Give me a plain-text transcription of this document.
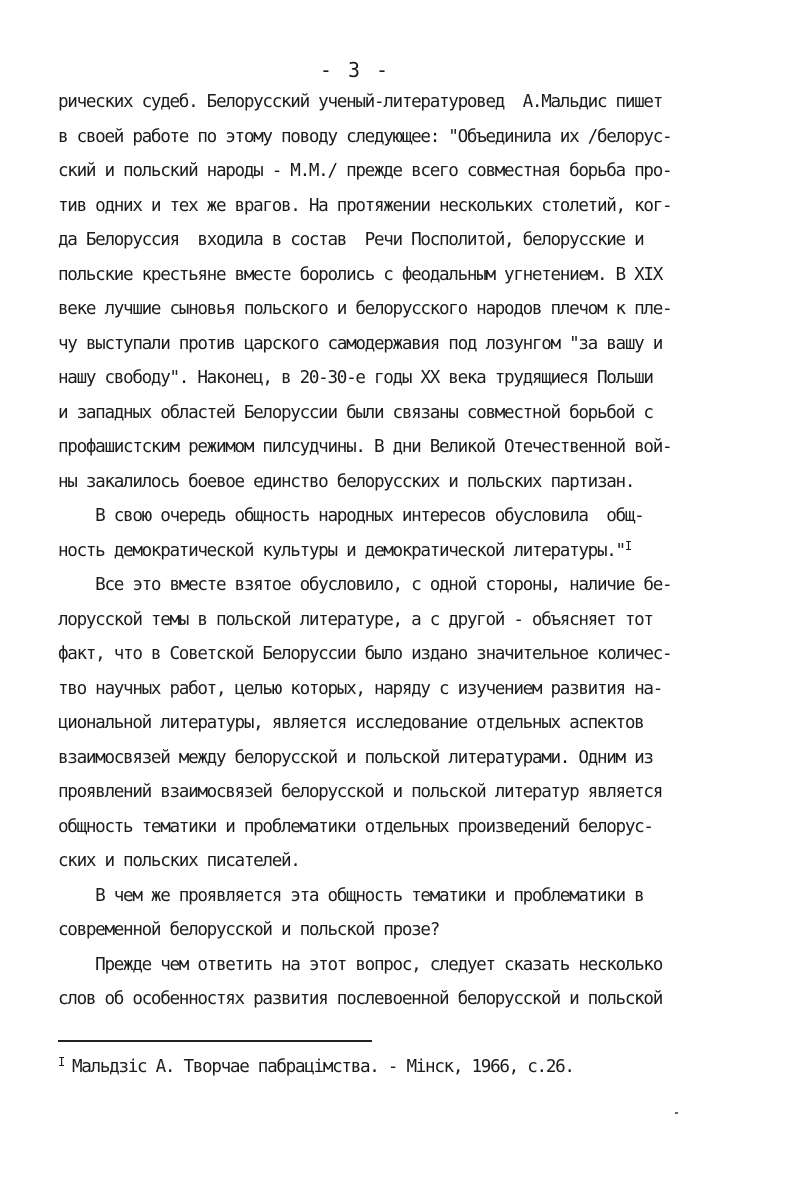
- 3 -
рических судеб. Белорусский ученый-литературовед  А.Мальдис пишет
в своей работе по этому поводу следующее: "Объединила их /белорус-
ский и польский народы - М.М./ прежде всего совместная борьба про-
тив одних и тех же врагов. На протяжении нескольких столетий, ког-
да Белоруссия  входила в состав  Речи Посполитой, белорусские и
польские крестьяне вместе боролись с феодальным угнетением. В XIX
веке лучшие сыновья польского и белорусского народов плечом к пле-
чу выступали против царского самодержавия под лозунгом "за вашу и
нашу свободу". Наконец, в 20-30-е годы XX века трудящиеся Польши
и западных областей Белоруссии были связаны совместной борьбой с
профашистским режимом пилсудчины. В дни Великой Отечественной вой-
ны закалилось боевое единство белорусских и польских партизан.
В свою очередь общность народных интересов обусловила  общ-
ность демократической культуры и демократической литературы."$^I$
Все это вместе взятое обусловило, с одной стороны, наличие бе-
лорусской темы в польской литературе, а с другой - объясняет тот
факт, что в Советской Белоруссии было издано значительное количес-
тво научных работ, целью которых, наряду с изучением развития на-
циональной литературы, является исследование отдельных аспектов
взаимосвязей между белорусской и польской литературами. Одним из
проявлений взаимосвязей белорусской и польской литератур является
общность тематики и проблематики отдельных произведений белорус-
ских и польских писателей.
В чем же проявляется эта общность тематики и проблематики в
современной белорусской и польской прозе?
Прежде чем ответить на этот вопрос, следует сказать несколько
слов об особенностях развития послевоенной белорусской и польской
$^I$ Мальдзіс А. Творчае пабрацімства. - Мінск, 1966, с.26.
